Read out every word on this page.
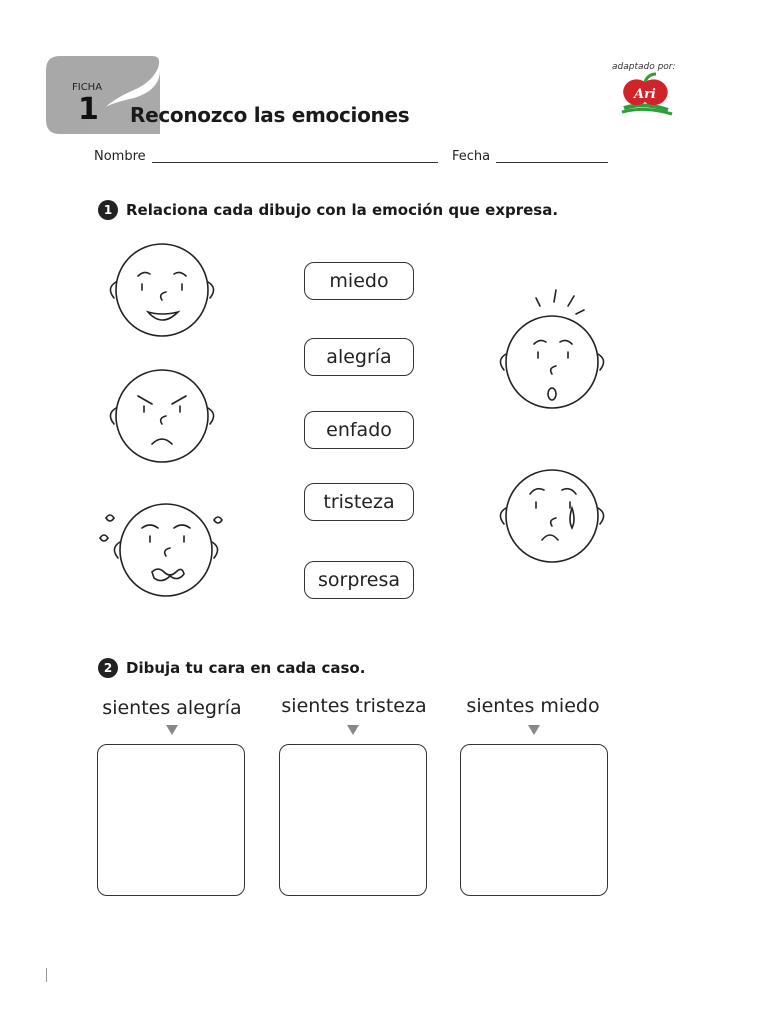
FICHA
1 Reconozco las emociones
adaptado por:
Ari
Nombre	Fecha
1 Relaciona cada dibujo con la emoción que expresa.
miedo
alegría
enfado
tristeza
sorpresa
2 Dibuja tu cara en cada caso.
sientes alegría	sientes tristeza	sientes miedo
